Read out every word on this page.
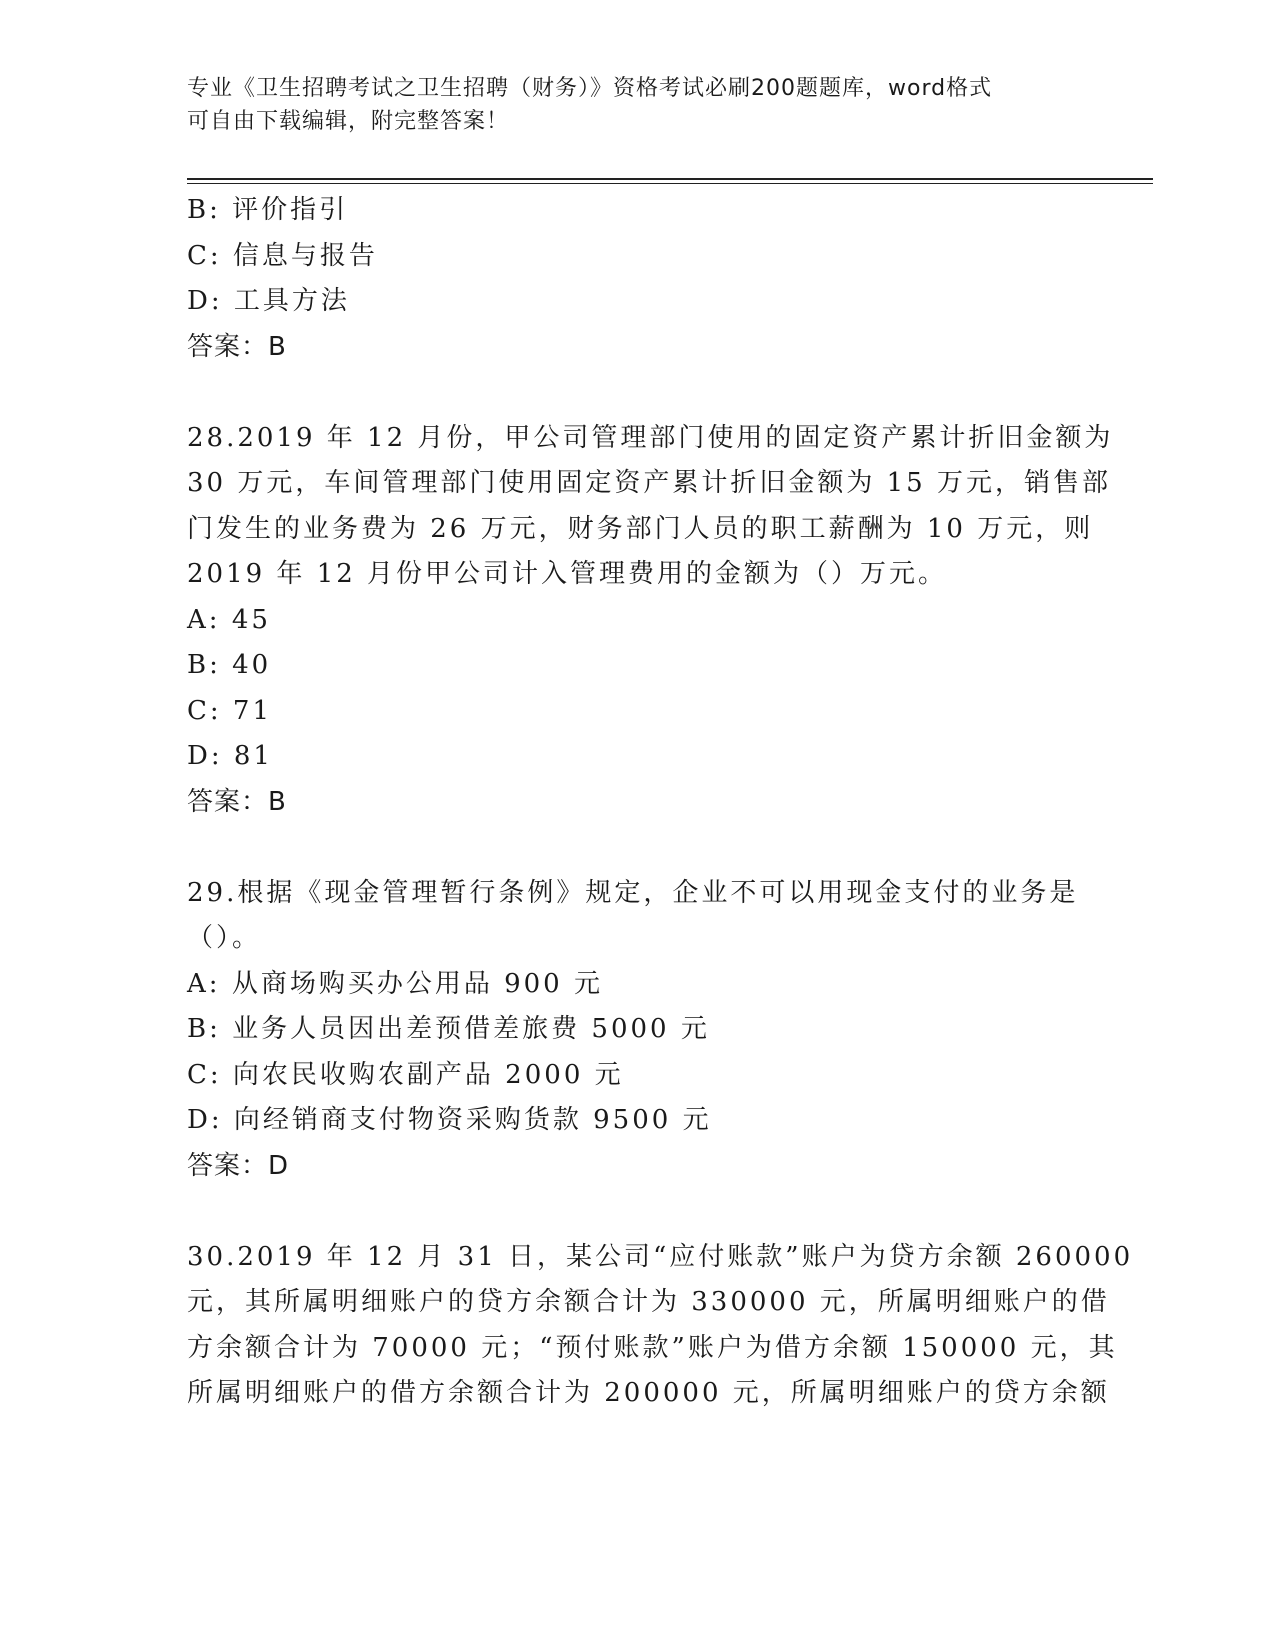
专业《卫生招聘考试之卫生招聘（财务）》资格考试必刷200题题库，word格式
可自由下载编辑，附完整答案！
B: 评价指引
C: 信息与报告
D: 工具方法
答案：B
28.2019 年 12 月份，甲公司管理部门使用的固定资产累计折旧金额为
30 万元，车间管理部门使用固定资产累计折旧金额为 15 万元，销售部
门发生的业务费为 26 万元，财务部门人员的职工薪酬为 10 万元，则
2019 年 12 月份甲公司计入管理费用的金额为（）万元。
A: 45
B: 40
C: 71
D: 81
答案：B
29.根据《现金管理暂行条例》规定，企业不可以用现金支付的业务是
（）。
A: 从商场购买办公用品 900 元
B: 业务人员因出差预借差旅费 5000 元
C: 向农民收购农副产品 2000 元
D: 向经销商支付物资采购货款 9500 元
答案：D
30.2019 年 12 月 31 日，某公司“应付账款”账户为贷方余额 260000
元，其所属明细账户的贷方余额合计为 330000 元，所属明细账户的借
方余额合计为 70000 元；“预付账款”账户为借方余额 150000 元，其
所属明细账户的借方余额合计为 200000 元，所属明细账户的贷方余额
